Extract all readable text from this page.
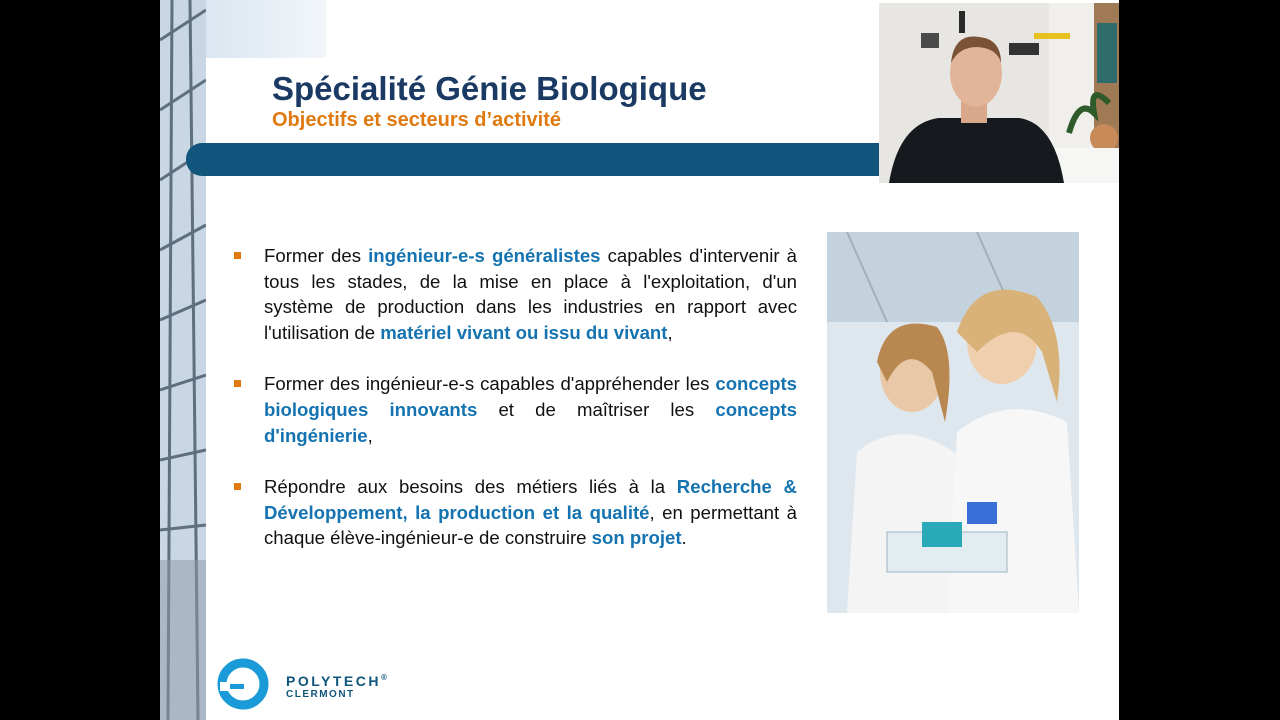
Spécialité Génie Biologique
Objectifs et secteurs d’activité
Former des ingénieur-e-s généralistes capables d'intervenir à tous les stades, de la mise en place à l'exploitation, d'un système de production dans les industries en rapport avec l'utilisation de matériel vivant ou issu du vivant,
Former des ingénieur-e-s capables d'appréhender les concepts biologiques innovants et de maîtriser les concepts d'ingénierie,
Répondre aux besoins des métiers liés à la Recherche & Développement, la production et la qualité, en permettant à chaque élève-ingénieur-e de construire son projet.
POLYTECH®
CLERMONT
